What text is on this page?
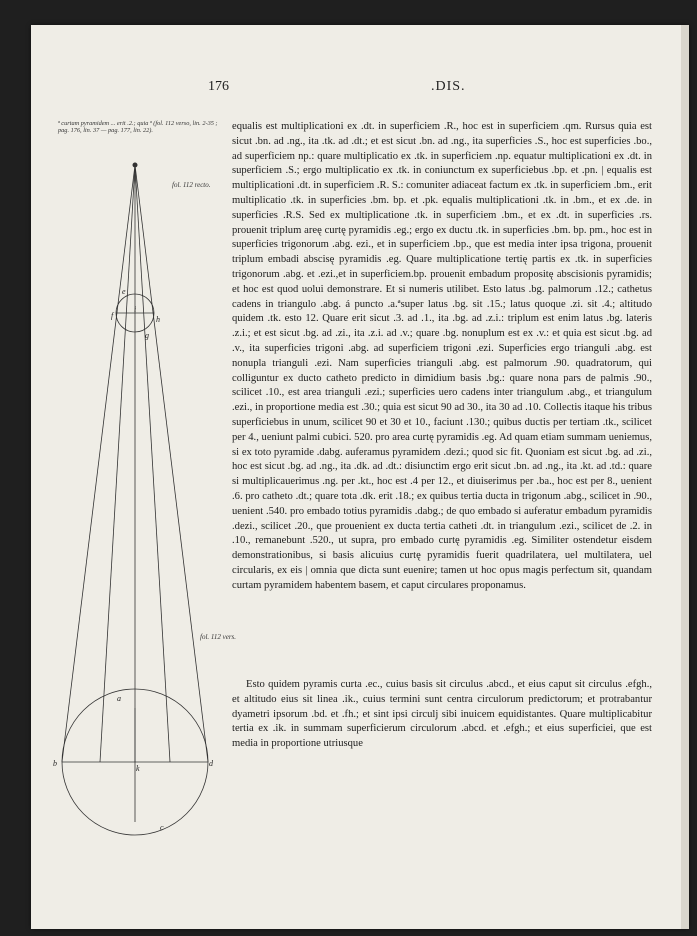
176	.DIS.
ª curtam pyramidem ... erit .2.; quia ª (fol. 112 verso, lin. 2-35 ; pag. 176, lin. 37 — pag. 177, lin. 22).
fol. 112 recto.
fol. 112 vers.
e
f
i
h
g
a
b
k
d
c

equalis est multiplicationi ex .dt. in superficiem .R., hoc est in superficiem .qm. Rursus quia est sicut .bn. ad .ng., ita .tk. ad .dt.; et est sicut .bn. ad .ng., ita superficies .S., hoc est superficies .bo., ad superficiem np.: quare multiplicatio ex .tk. in superficiem .np. equatur multiplicationi ex .dt. in superficiem .S.; ergo multiplicatio ex .tk. in coniunctum ex superficiebus .bp. et .pn. | equalis est multiplicationi .dt. in superficiem .R. S.: comuniter adiaceat factum ex .tk. in superficiem .bm., erit multiplicatio .tk. in superficies .bm. bp. et .pk. equalis multiplicationi .tk. in .bm., et ex .de. in superficies .R.S. Sed ex multiplicatione .tk. in superficiem .bm., et ex .dt. in superficies .rs. prouenit triplum areę curtę pyramidis .eg.; ergo ex ductu .tk. in superficies .bm. bp. pm., hoc est in superficies trigonorum .abg. ezi., et in superficiem .bp., que est media inter ipsa trigona, prouenit triplum embadi abscisę pyramidis .eg. Quare multiplicatione tertię partis ex .tk. in superficies trigonorum .abg. et .ezi.,et in superficiem.bp. prouenit embadum propositę abscisionis pyramidis; et hoc est quod uolui demonstrare. Et si numeris utilibet. Esto latus .bg. palmorum .12.; cathetus cadens in triangulo .abg. á puncto .a.ªsuper latus .bg. sit .15.; latus quoque .zi. sit .4.; altitudo quidem .tk. esto 12. Quare erit sicut .3. ad .1., ita .bg. ad .z.i.: triplum est enim latus .bg. lateris .z.i.; et est sicut .bg. ad .zi., ita .z.i. ad .v.; quare .bg. nonuplum est ex .v.: et quia est sicut .bg. ad .v., ita superficies trigoni .abg. ad superficiem trigoni .ezi. Superficies ergo trianguli .abg. est nonupla trianguli .ezi. Nam superficies trianguli .abg. est palmorum .90. quadratorum, qui colliguntur ex ducto catheto predicto in dimidium basis .bg.: quare nona pars de palmis .90., scilicet .10., est area trianguli .ezi.; superficies uero cadens inter triangulum .abg., et triangulum .ezi., in proportione media est .30.; quia est sicut 90 ad 30., ita 30 ad .10. Collectis itaque his tribus superficiebus in unum, scilicet 90 et 30 et 10., faciunt .130.; quibus ductis per tertiam .tk., scilicet per 4., ueniunt palmi cubici. 520. pro area curtę pyramidis .eg. Ad quam etiam summam ueniemus, si ex toto pyramide .dabg. auferamus pyramidem .dezi.; quod sic fit. Quoniam est sicut .bg. ad .zi., hoc est sicut .bg. ad .ng., ita .dk. ad .dt.: disiunctim ergo erit sicut .bn. ad .ng., ita .kt. ad .td.: quare si multiplicauerimus .ng. per .kt., hoc est .4 per 12., et diuiserimus per .ba., hoc est per 8., uenient .6. pro catheto .dt.; quare tota .dk. erit .18.; ex quibus tertia ducta in trigonum .abg., scilicet in .90., uenient .540. pro embado totius pyramidis .dabg.; de quo embado si auferatur embadum pyramidis .dezi., scilicet .20., que prouenient ex ducta tertia catheti .dt. in triangulum .ezi., scilicet de .2. in .10., remanebunt .520., ut supra, pro embado curtę pyramidis .eg. Similiter ostendetur eisdem demonstrationibus, si basis alicuius curtę pyramidis fuerit quadrilatera, uel multilatera, uel circularis, ex eis | omnia que dicta sunt euenire; tamen ut hoc opus magis perfectum sit, quandam curtam pyramidem habentem basem, et caput circulares proponamus.

Esto quidem pyramis curta .ec., cuius basis sit circulus .abcd., et eius caput sit circulus .efgh., et altitudo eius sit linea .ik., cuius termini sunt centra circulorum predictorum; et protrabantur dyametri ipsorum .bd. et .fh.; et sint ipsi circulj sibi inuicem equidistantes. Quare multiplicabitur tertia ex .ik. in summam superficierum circulorum .abcd. et .efgh.; et eius superficiei, que est media in proportione utriusque
